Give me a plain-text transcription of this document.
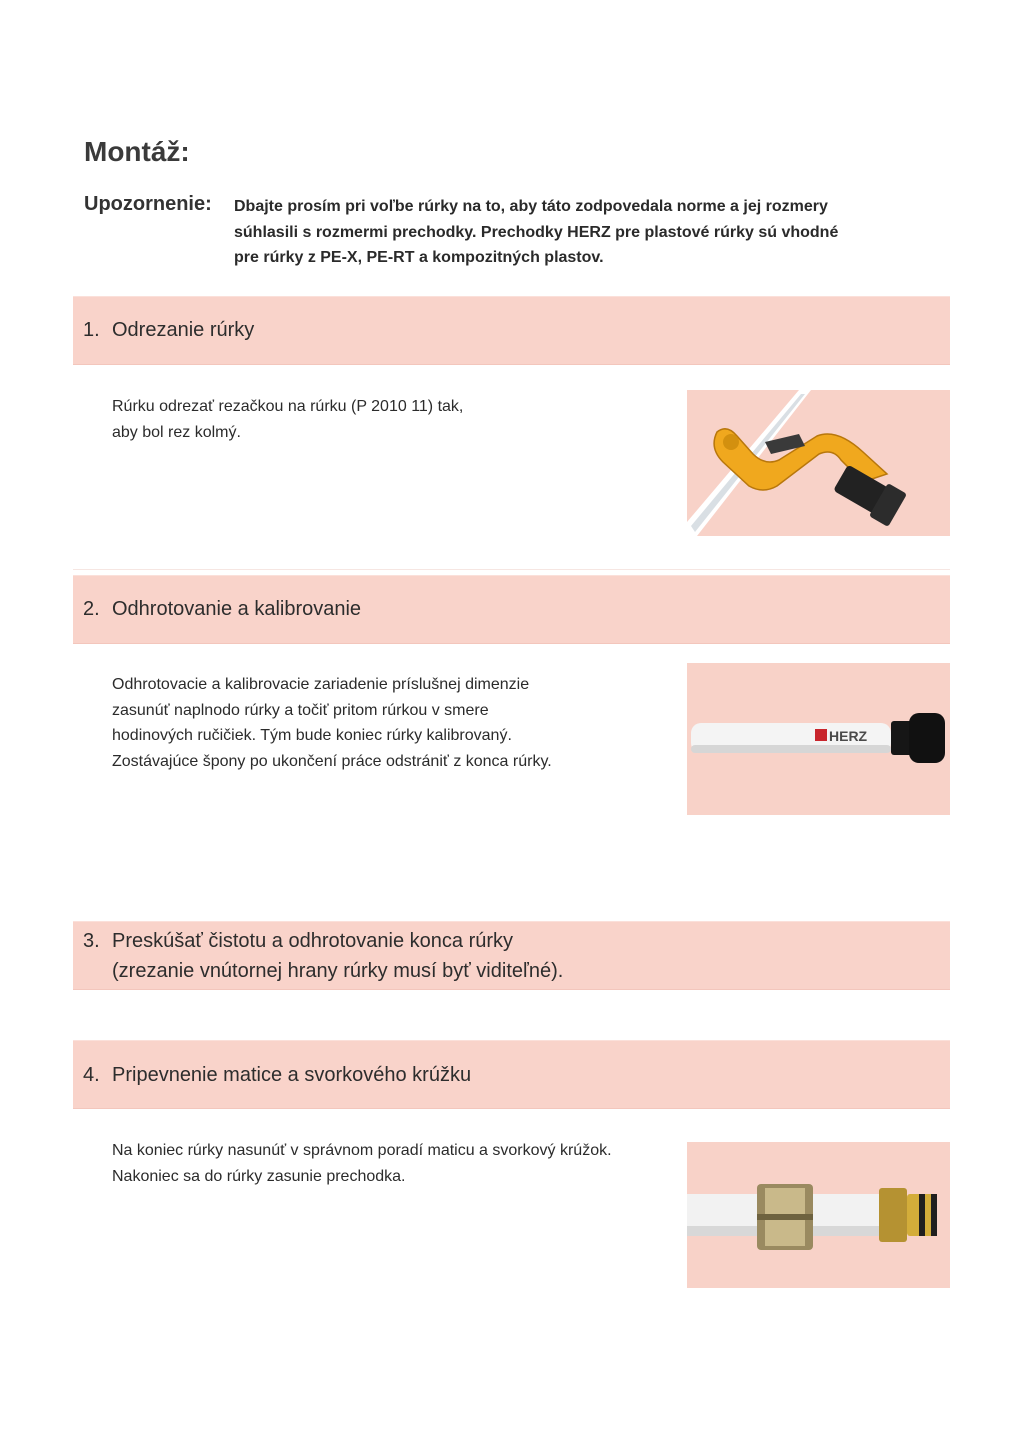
Montáž:
Upozornenie: Dbajte prosím pri voľbe rúrky na to, aby táto zodpovedala norme a jej rozmery
súhlasili s rozmermi prechodky. Prechodky HERZ pre plastové rúrky sú vhodné
pre rúrky z PE-X, PE-RT a kompozitných plastov.
1. Odrezanie rúrky

Rúrku odrezať rezačkou na rúrku (P 2010 11) tak,

aby bol rez kolmý.

2. Odhrotovanie a kalibrovanie

Odhrotovacie a kalibrovacie zariadenie príslušnej dimenzie

zasunúť naplnodo rúrky a točiť pritom rúrkou v smere

hodinových ručičiek. Tým bude koniec rúrky kalibrovaný.

Zostávajúce špony po ukončení práce odstrániť z konca rúrky.

HERZ
3. Preskúšať čistotu a odhrotovanie konca rúrky
(zrezanie vnútornej hrany rúrky musí byť viditeľné).
4. Pripevnenie matice a svorkového krúžku

Na koniec rúrky nasunúť v správnom poradí maticu a svorkový krúžok.

Nakoniec sa do rúrky zasunie prechodka.
